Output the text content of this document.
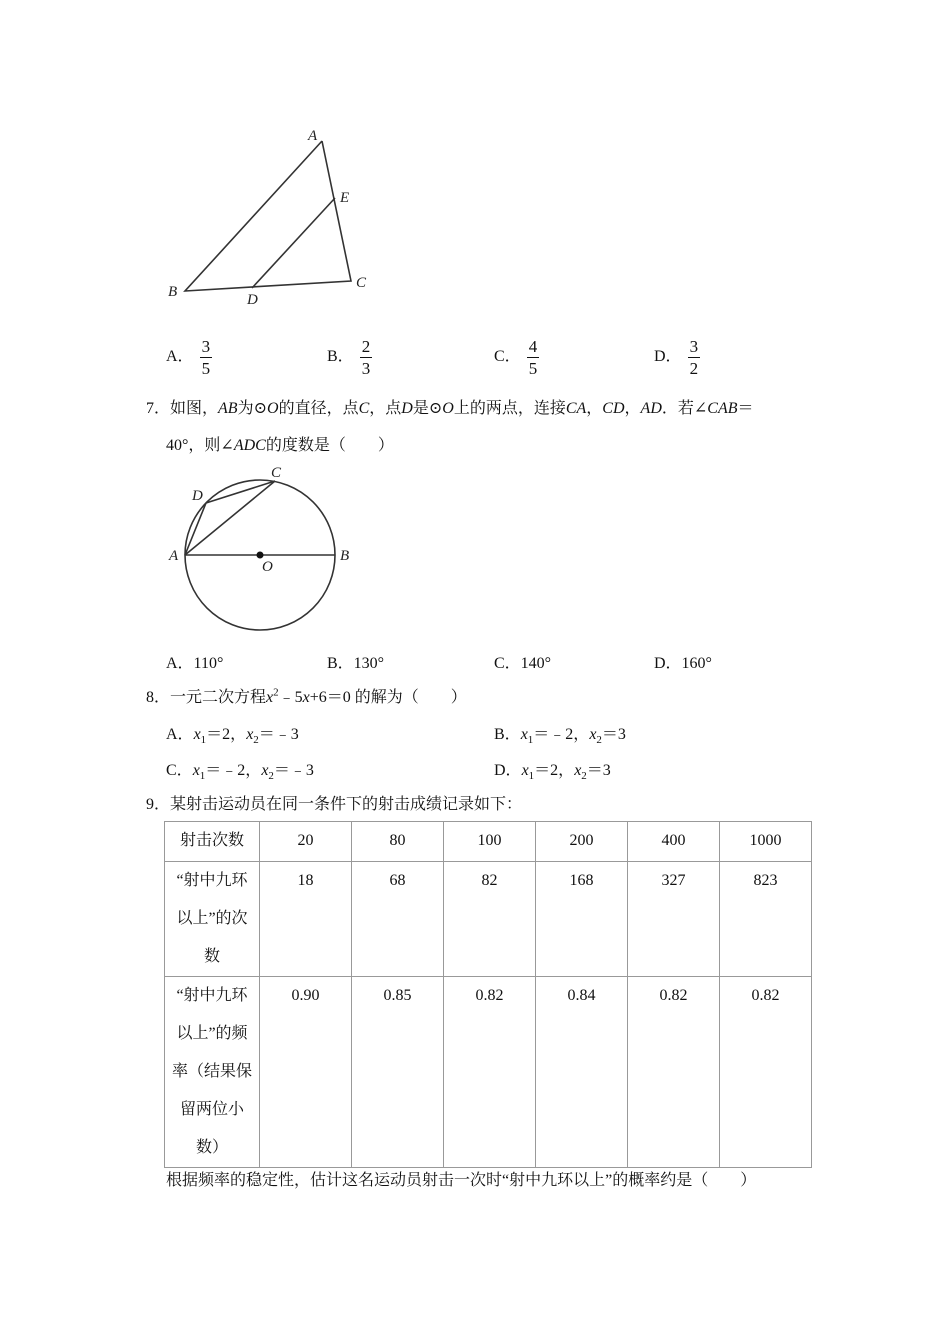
A
E
B	D
C
A． $\frac{3}{5}$	B． $\frac{2}{3}$	C． $\frac{4}{5}$	D． $\frac{3}{2}$
7．如图，AB为⊙O的直径，点C，点D是⊙O上的两点，连接CA，CD，AD．若∠CAB＝
40°，则∠ADC的度数是（　　）
A	B
C
D
O
A．110°	B．130°	C．140°	D．160°
8．一元二次方程$x^2﹣5x+6=0$ 的解为（　　）
A．$x_1=2$，$x_2=﹣3$	B．$x_1=﹣2$，$x_2=3$
C．$x_1=﹣2$，$x_2=﹣3$	D．$x_1=2$，$x_2=3$
9．某射击运动员在同一条件下的射击成绩记录如下：
射击次数	20	80	100	200	400	1000

“射中九环
以上”的次
数	18	68	82	168	327	823

“射中九环
以上”的频
率（结果保
留两位小
数）	0.90	0.85	0.82	0.84	0.82	0.82
根据频率的稳定性，估计这名运动员射击一次时“射中九环以上”的概率约是（　　）
